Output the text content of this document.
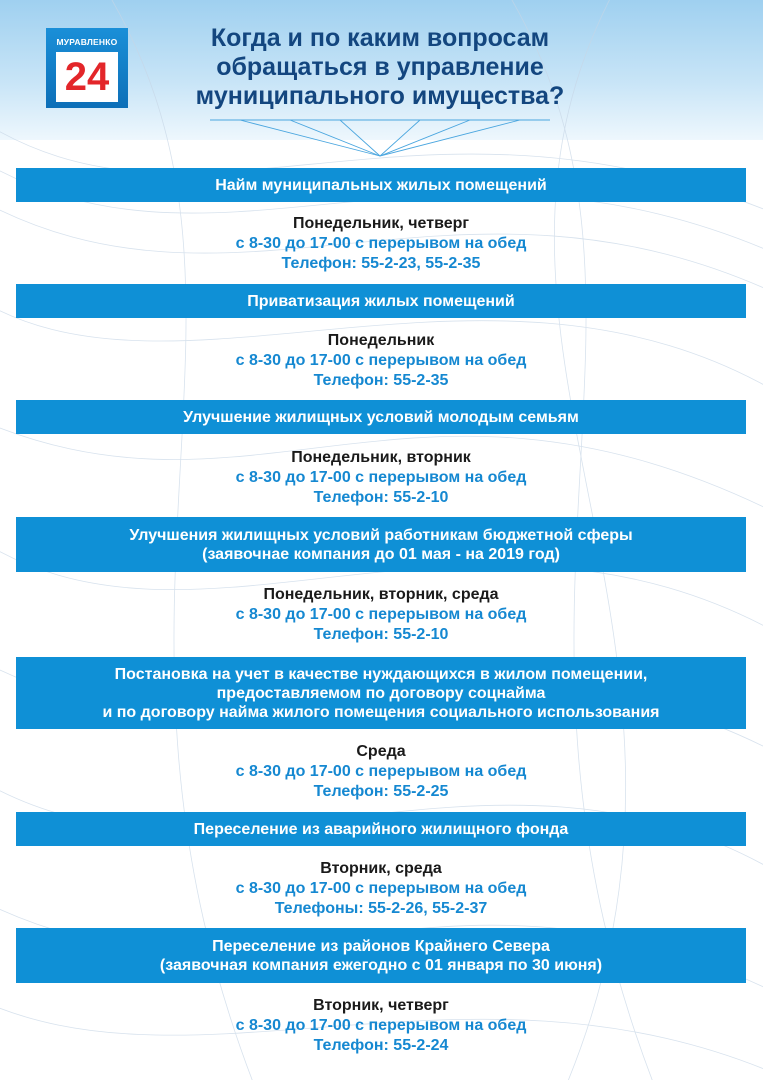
МУРАВЛЕНКО
24
Когда и по каким вопросам
обращаться в управление
муниципального имущества?
Найм муниципальных жилых помещений
Понедельник, четверг
с 8-30 до 17-00 с перерывом на обед
Телефон: 55-2-23, 55-2-35
Приватизация жилых помещений
Понедельник
с 8-30 до 17-00 с перерывом на обед
Телефон: 55-2-35
Улучшение жилищных условий молодым семьям
Понедельник, вторник
с 8-30 до 17-00 с перерывом на обед
Телефон: 55-2-10
Улучшения жилищных условий работникам бюджетной сферы
(заявочнае компания до 01 мая - на 2019 год)
Понедельник, вторник, среда
с 8-30 до 17-00 с перерывом на обед
Телефон: 55-2-10
Постановка на учет в качестве нуждающихся в жилом помещении,
предоставляемом по договору соцнайма
и по договору найма жилого помещения социального использования
Среда
с 8-30 до 17-00 с перерывом на обед
Телефон: 55-2-25
Переселение из аварийного жилищного фонда
Вторник, среда
с 8-30 до 17-00 с перерывом на обед
Телефоны: 55-2-26, 55-2-37
Переселение из районов Крайнего Севера
(заявочная компания ежегодно с 01 января по 30 июня)
Вторник, четверг
с 8-30 до 17-00 с перерывом на обед
Телефон: 55-2-24
